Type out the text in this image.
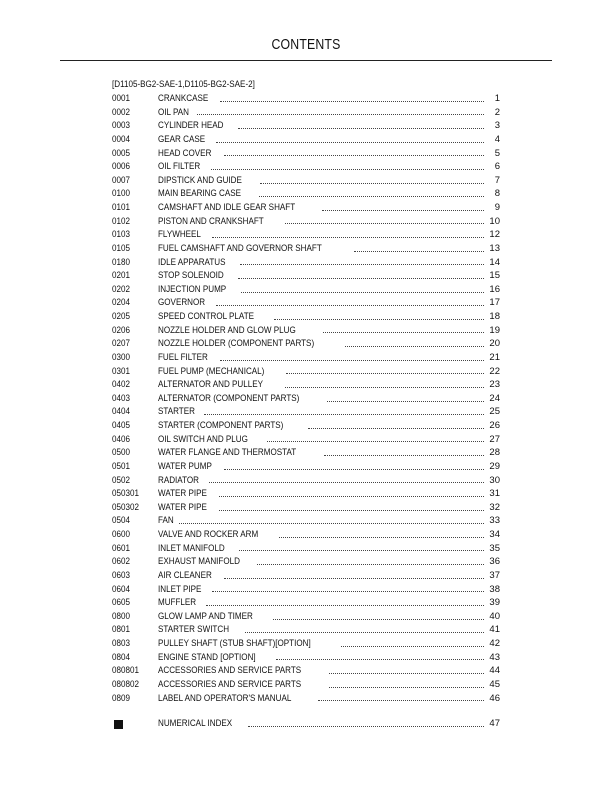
CONTENTS
[D1105-BG2-SAE-1,D1105-BG2-SAE-2]
0001	CRANKCASE	1
0002	OIL PAN	2
0003	CYLINDER HEAD	3
0004	GEAR CASE	4
0005	HEAD COVER	5
0006	OIL FILTER	6
0007	DIPSTICK AND GUIDE	7
0100	MAIN BEARING CASE	8
0101	CAMSHAFT AND IDLE GEAR SHAFT	9
0102	PISTON AND CRANKSHAFT	10
0103	FLYWHEEL	12
0105	FUEL CAMSHAFT AND GOVERNOR SHAFT	13
0180	IDLE APPARATUS	14
0201	STOP SOLENOID	15
0202	INJECTION PUMP	16
0204	GOVERNOR	17
0205	SPEED CONTROL PLATE	18
0206	NOZZLE HOLDER AND GLOW PLUG	19
0207	NOZZLE HOLDER (COMPONENT PARTS)	20
0300	FUEL FILTER	21
0301	FUEL PUMP (MECHANICAL)	22
0402	ALTERNATOR AND PULLEY	23
0403	ALTERNATOR (COMPONENT PARTS)	24
0404	STARTER	25
0405	STARTER (COMPONENT PARTS)	26
0406	OIL SWITCH AND PLUG	27
0500	WATER FLANGE AND THERMOSTAT	28
0501	WATER PUMP	29
0502	RADIATOR	30
050301	WATER PIPE	31
050302	WATER PIPE	32
0504	FAN	33
0600	VALVE AND ROCKER ARM	34
0601	INLET MANIFOLD	35
0602	EXHAUST MANIFOLD	36
0603	AIR CLEANER	37
0604	INLET PIPE	38
0605	MUFFLER	39
0800	GLOW LAMP AND TIMER	40
0801	STARTER SWITCH	41
0803	PULLEY SHAFT (STUB SHAFT)[OPTION]	42
0804	ENGINE STAND [OPTION]	43
080801	ACCESSORIES AND SERVICE PARTS	44
080802	ACCESSORIES AND SERVICE PARTS	45
0809	LABEL AND OPERATOR'S MANUAL	46
NUMERICAL INDEX	47
